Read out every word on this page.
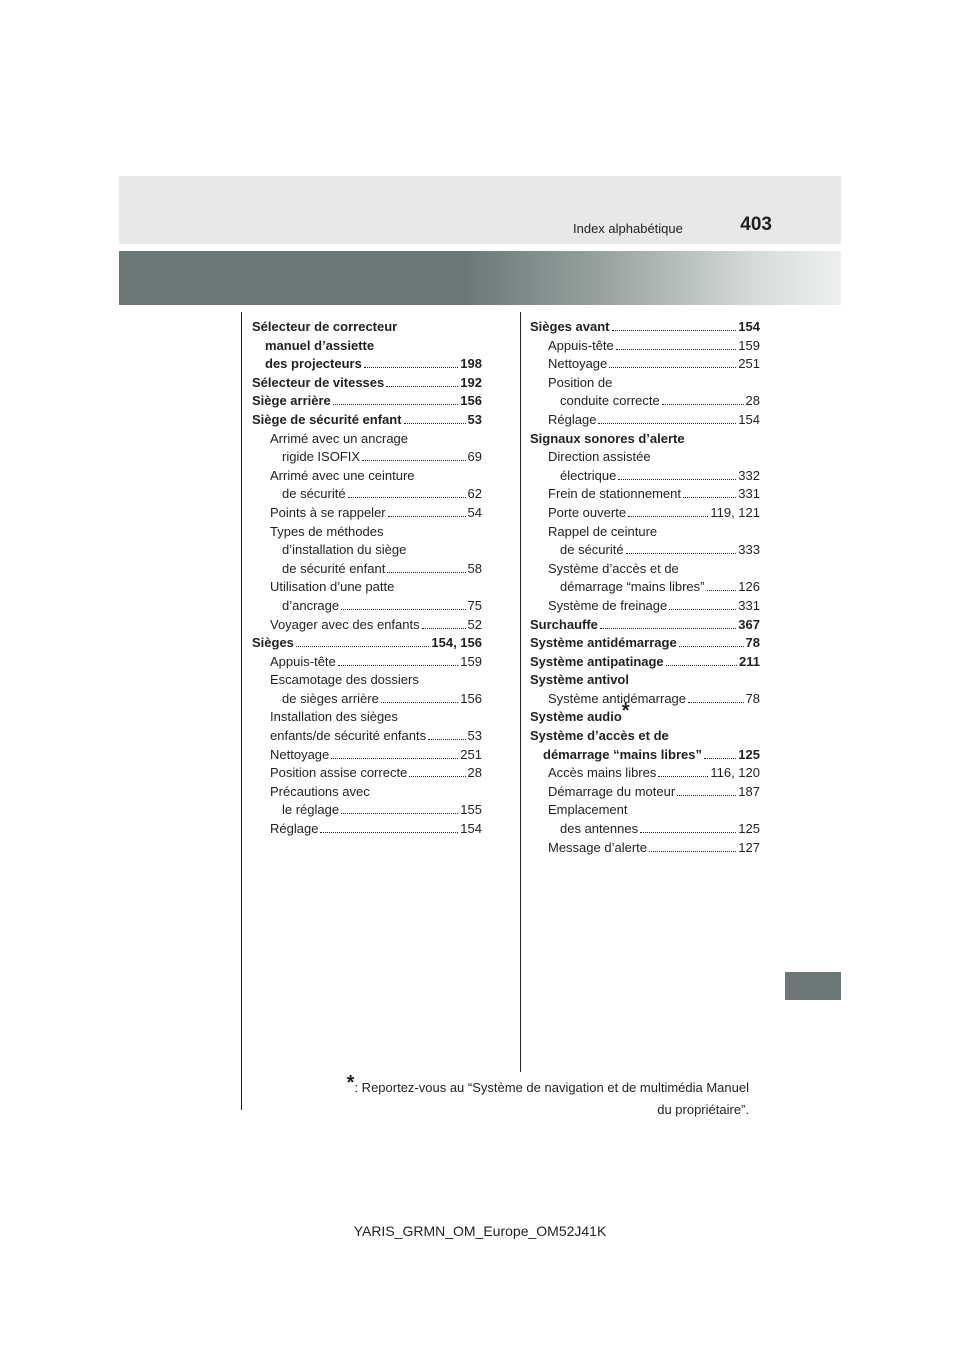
Index alphabétique	403
Sélecteur de correcteur
manuel d’assiette
des projecteurs	198
Sélecteur de vitesses	192
Siège arrière	156
Siège de sécurité enfant	53
Arrimé avec un ancrage
rigide ISOFIX	69
Arrimé avec une ceinture
de sécurité	62
Points à se rappeler	54
Types de méthodes
d’installation du siège
de sécurité enfant	58
Utilisation d’une patte
d’ancrage	75
Voyager avec des enfants	52
Sièges	154, 156
Appuis-tête	159
Escamotage des dossiers
de sièges arrière	156
Installation des sièges
enfants/de sécurité enfants	53
Nettoyage	251
Position assise correcte	28
Précautions avec
le réglage	155
Réglage	154
Sièges avant	154
Appuis-tête	159
Nettoyage	251
Position de
conduite correcte	28
Réglage	154
Signaux sonores d’alerte
Direction assistée
électrique	332
Frein de stationnement	331
Porte ouverte	119, 121
Rappel de ceinture
de sécurité	333
Système d’accès et de
démarrage “mains libres”	126
Système de freinage	331
Surchauffe	367
Système antidémarrage	78
Système antipatinage	211
Système antivol
Système antidémarrage	78
Système audio*
Système d’accès et de
démarrage “mains libres”	125
Accès mains libres	116, 120
Démarrage du moteur	187
Emplacement
des antennes	125
Message d’alerte	127
*: Reportez-vous au “Système de navigation et de multimédia Manuel
du propriétaire”.
YARIS_GRMN_OM_Europe_OM52J41K
